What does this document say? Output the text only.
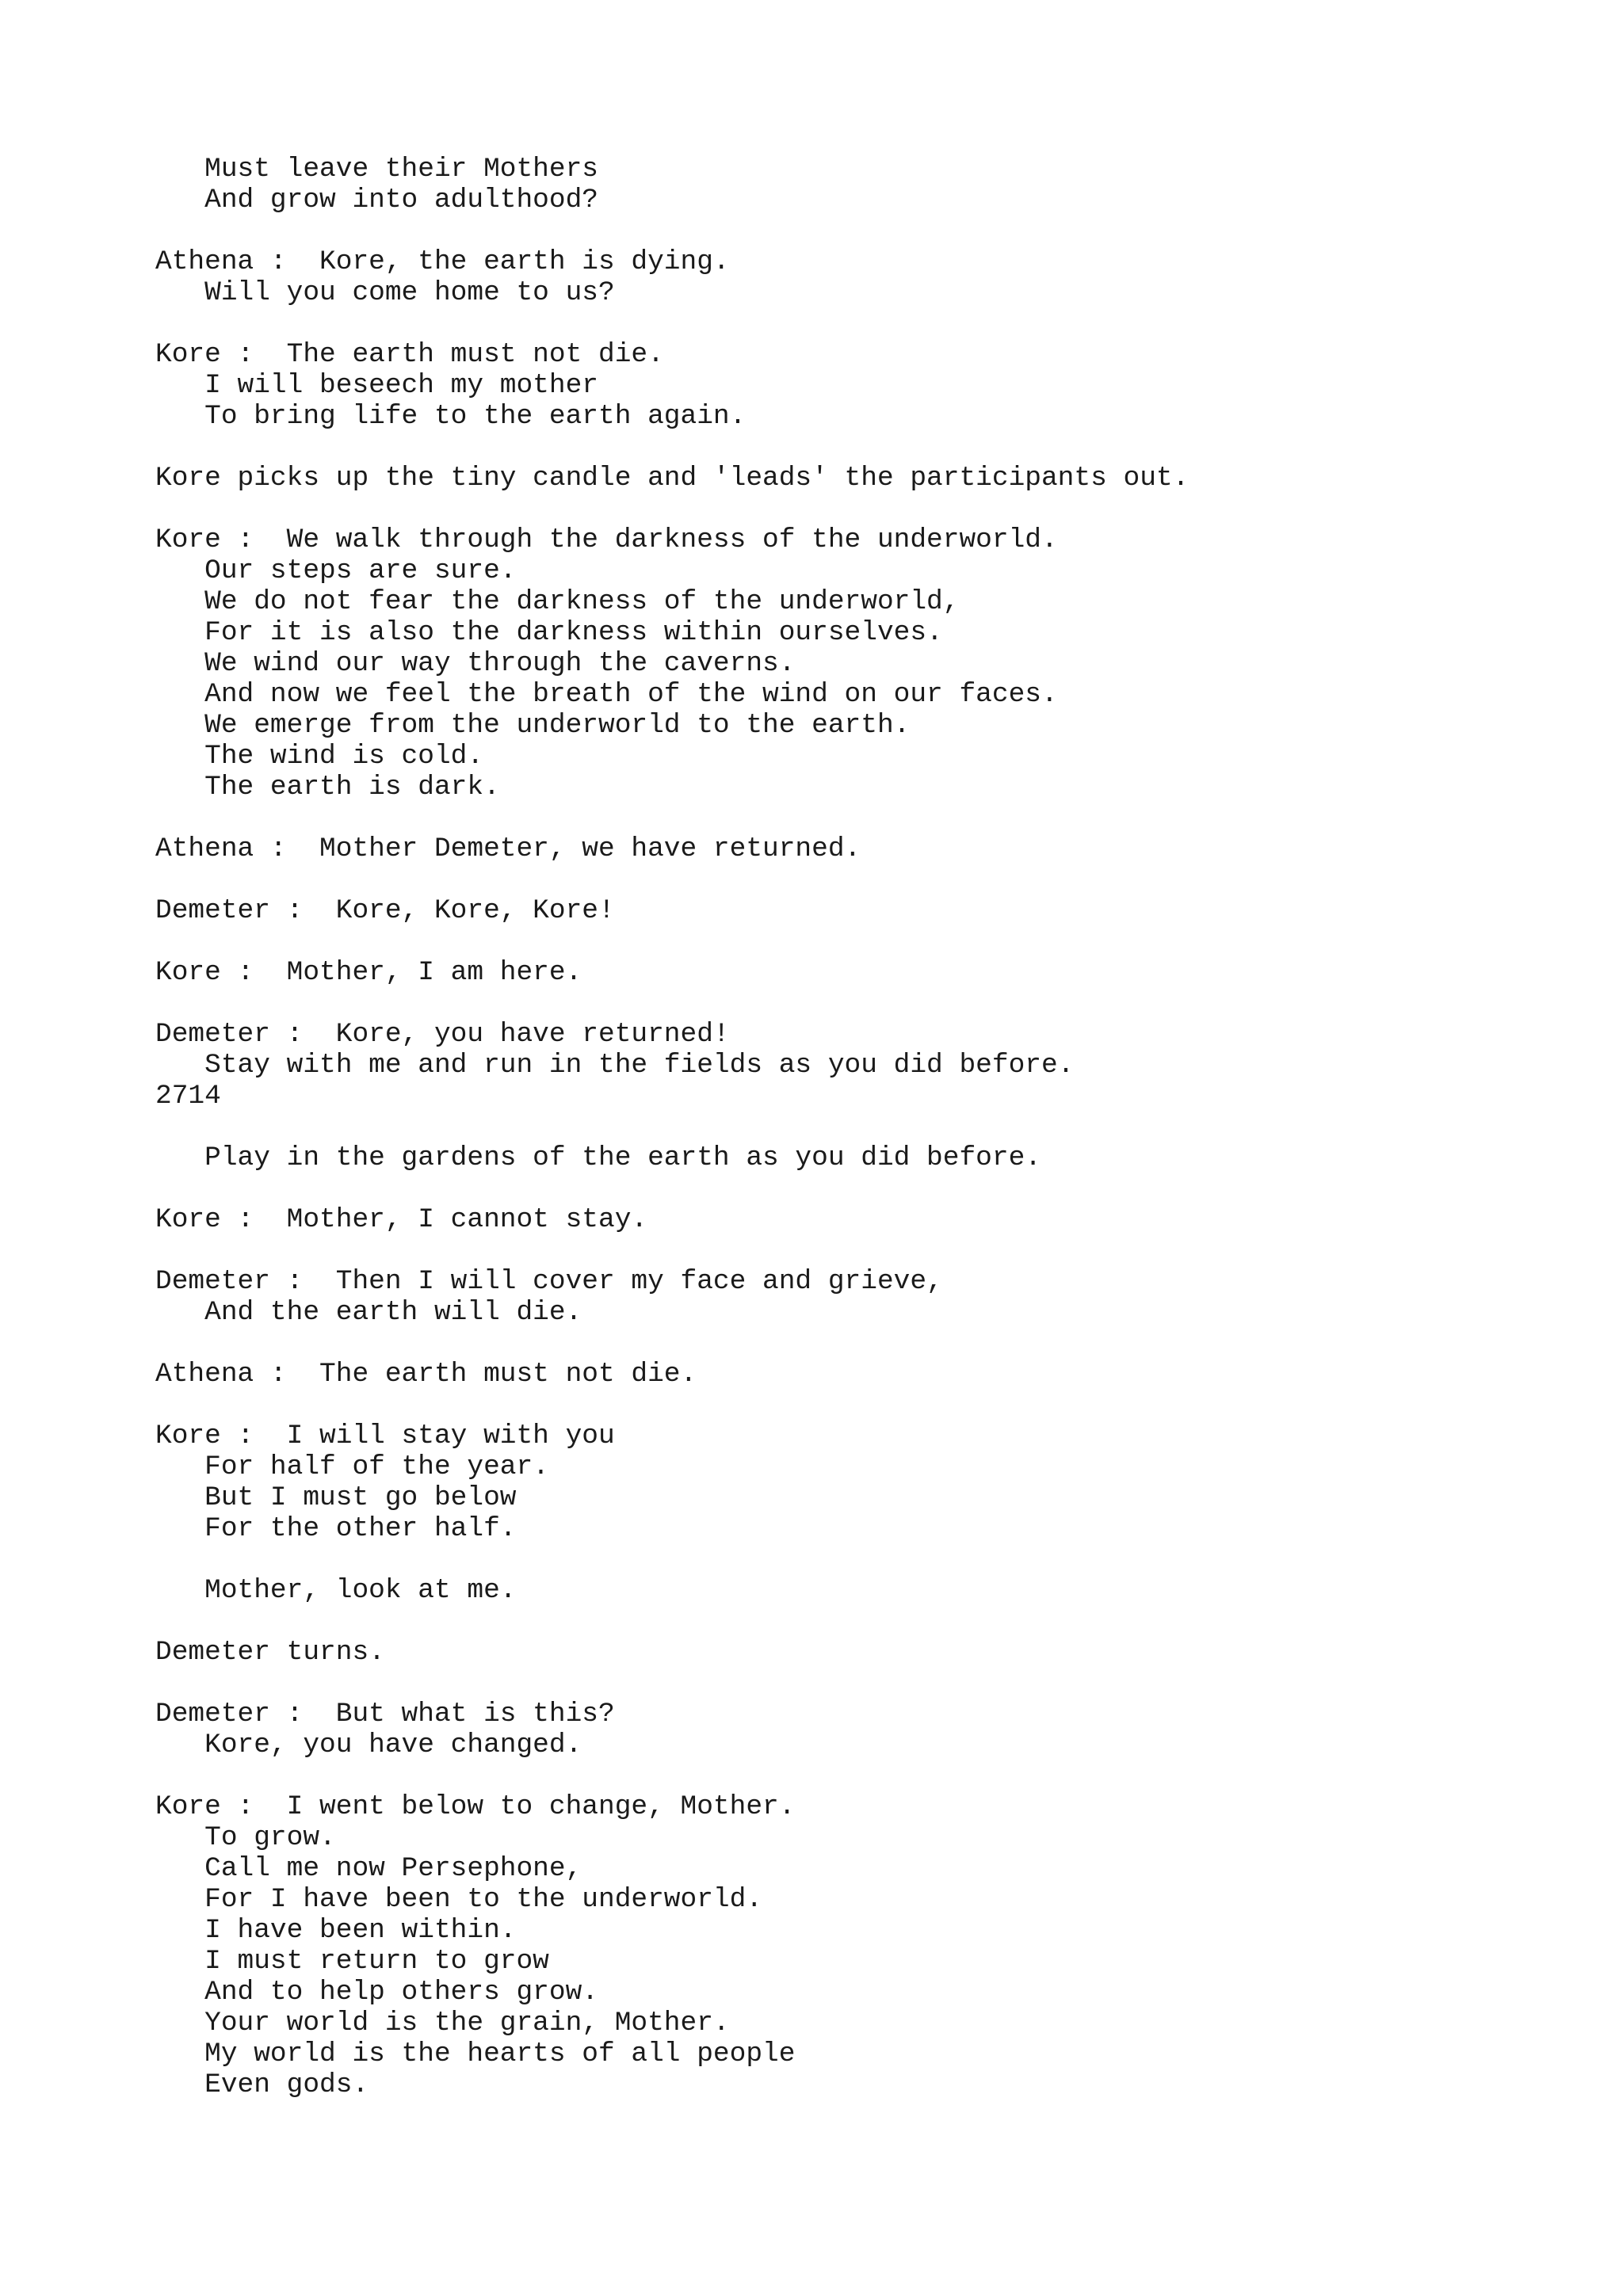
Must leave their Mothers
And grow into adulthood?
Athena :  Kore, the earth is dying.
Will you come home to us?
Kore :  The earth must not die.
I will beseech my mother
To bring life to the earth again.
Kore picks up the tiny candle and 'leads' the participants out.
Kore :  We walk through the darkness of the underworld.
Our steps are sure.
We do not fear the darkness of the underworld,
For it is also the darkness within ourselves.
We wind our way through the caverns.
And now we feel the breath of the wind on our faces.
We emerge from the underworld to the earth.
The wind is cold.
The earth is dark.
Athena :  Mother Demeter, we have returned.
Demeter :  Kore, Kore, Kore!
Kore :  Mother, I am here.
Demeter :  Kore, you have returned!
Stay with me and run in the fields as you did before.
2714
Play in the gardens of the earth as you did before.
Kore :  Mother, I cannot stay.
Demeter :  Then I will cover my face and grieve,
And the earth will die.
Athena :  The earth must not die.
Kore :  I will stay with you
For half of the year.
But I must go below
For the other half.
Mother, look at me.
Demeter turns.
Demeter :  But what is this?
Kore, you have changed.
Kore :  I went below to change, Mother.
To grow.
Call me now Persephone,
For I have been to the underworld.
I have been within.
I must return to grow
And to help others grow.
Your world is the grain, Mother.
My world is the hearts of all people
Even gods.
